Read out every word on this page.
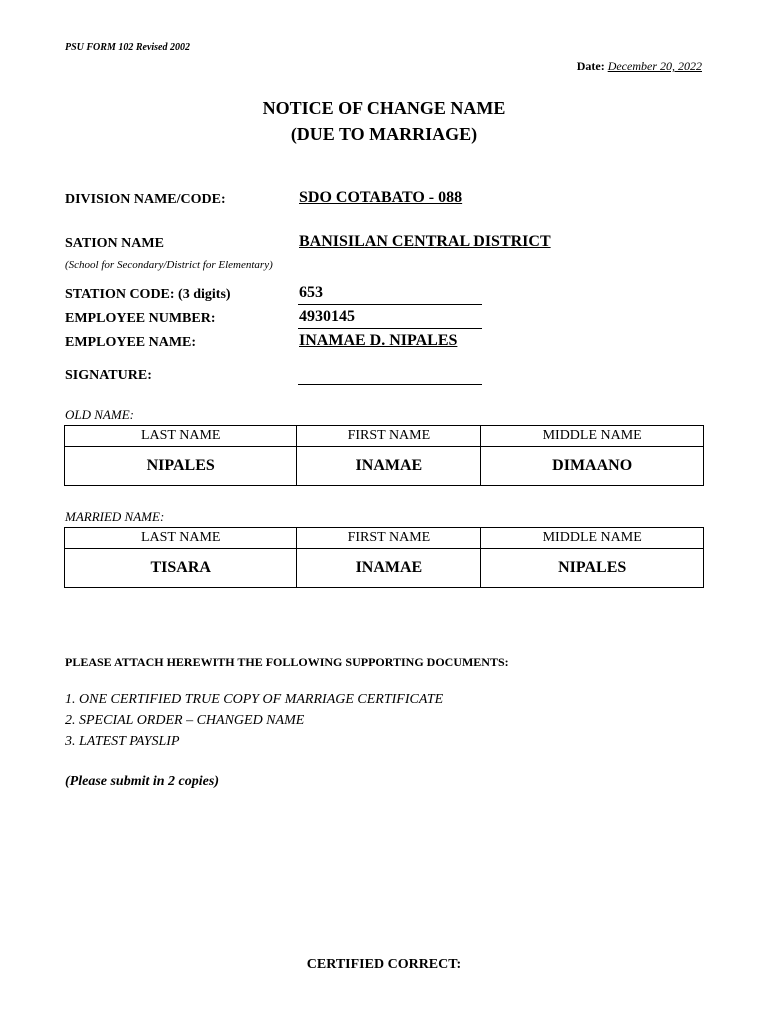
PSU FORM 102 Revised 2002
Date: December 20, 2022
NOTICE OF CHANGE NAME
(DUE TO MARRIAGE)
DIVISION NAME/CODE:	SDO COTABATO - 088
SATION NAME	BANISILAN CENTRAL DISTRICT
(School for Secondary/District for Elementary)
STATION CODE: (3 digits)	653
EMPLOYEE NUMBER:	4930145
EMPLOYEE NAME:	INAMAE D. NIPALES
SIGNATURE:
OLD NAME:
LAST NAME	FIRST NAME	MIDDLE NAME
NIPALES	INAMAE	DIMAANO
MARRIED NAME:
LAST NAME	FIRST NAME	MIDDLE NAME
TISARA	INAMAE	NIPALES
PLEASE ATTACH HEREWITH THE FOLLOWING SUPPORTING DOCUMENTS:
1. ONE CERTIFIED TRUE COPY OF MARRIAGE CERTIFICATE
2. SPECIAL ORDER – CHANGED NAME
3. LATEST PAYSLIP
(Please submit in 2 copies)
CERTIFIED CORRECT:
